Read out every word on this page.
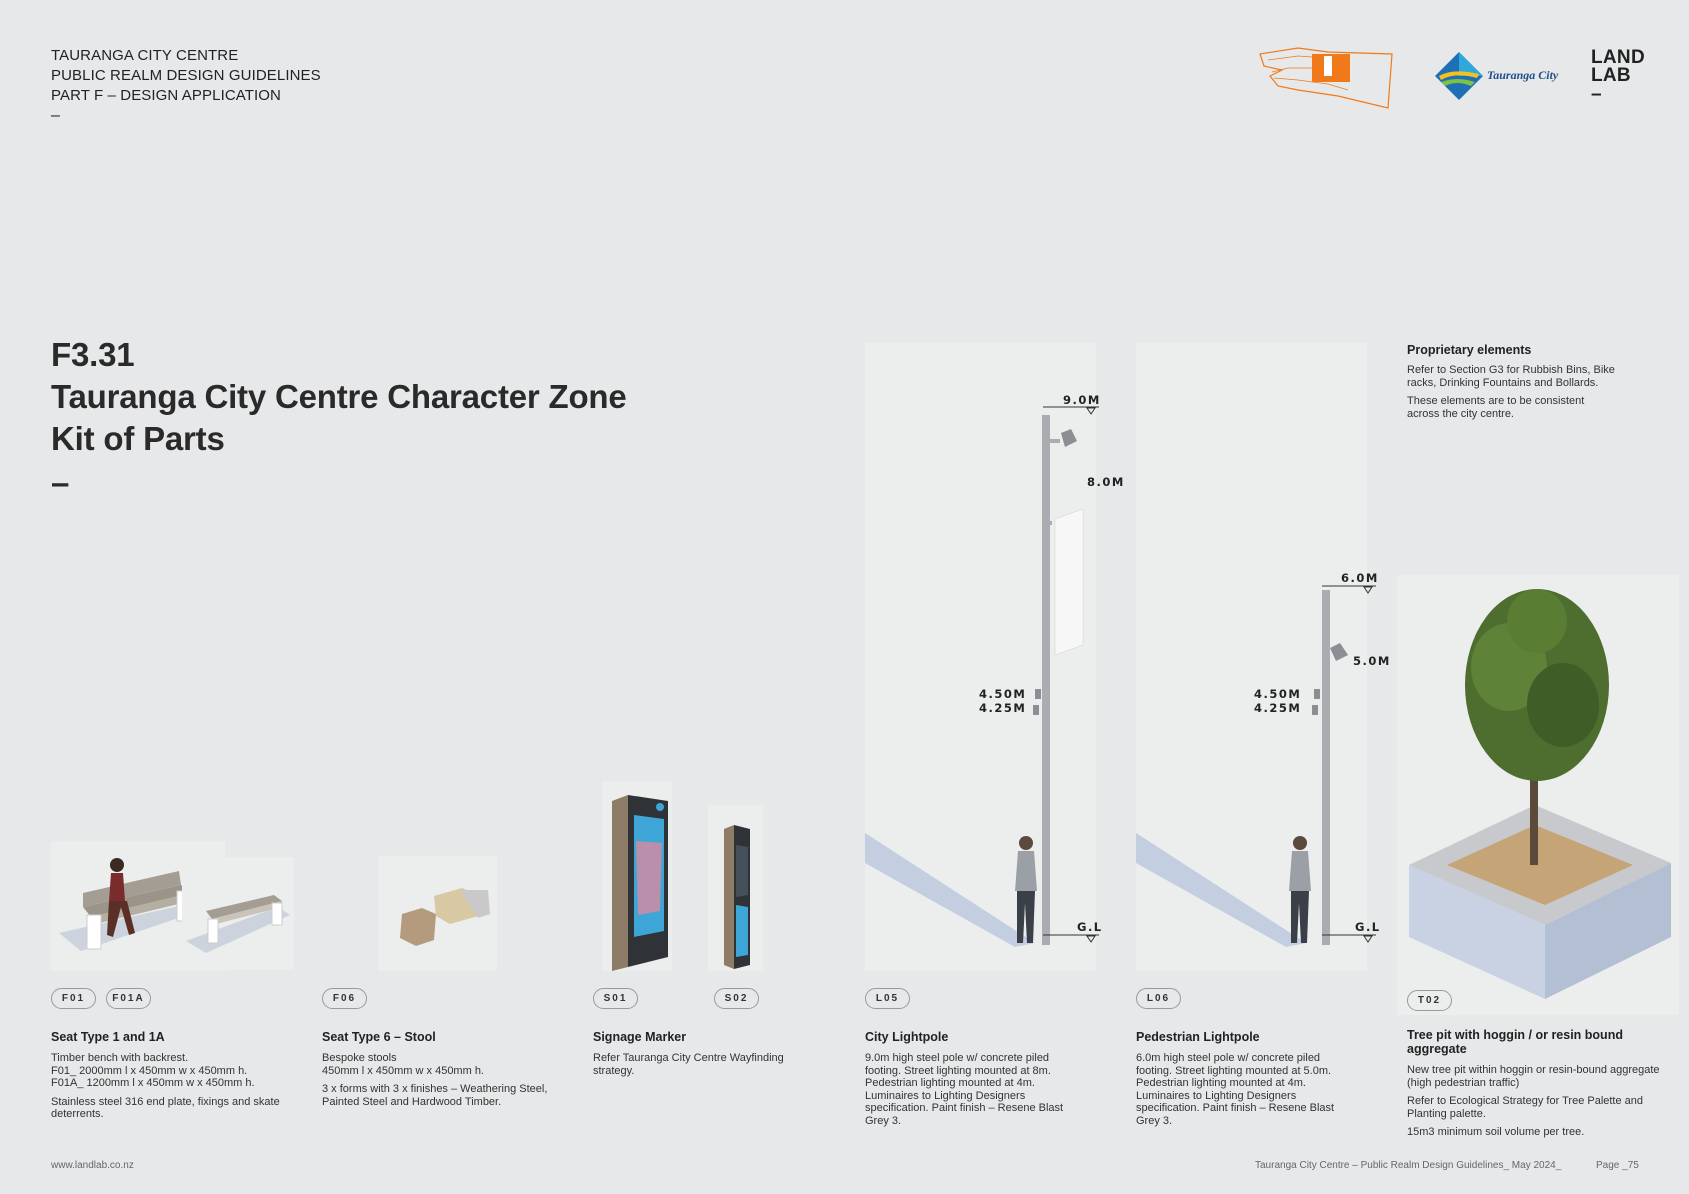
TAURANGA CITY CENTRE
PUBLIC REALM DESIGN GUIDELINES
PART F – DESIGN APPLICATION
–
Tauranga City
LAND
LAB
–
F3.31
Tauranga City Centre Character Zone
Kit of Parts
–
Proprietary elements

Refer to Section G3 for Rubbish Bins, Bike racks, Drinking Fountains and Bollards.

These elements are to be consistent across the city centre.

F01	F01A
Seat Type 1 and 1A

Timber bench with backrest.
F01_ 2000mm l x 450mm w x 450mm h.
F01A_ 1200mm l x 450mm w x 450mm h.

Stainless steel 316 end plate, fixings and skate deterrents.

F06
Seat Type 6 – Stool

Bespoke stools
450mm l x 450mm w x 450mm h.

3 x forms with 3 x finishes – Weathering Steel, Painted Steel and Hardwood Timber.

S01	S02
Signage Marker

Refer Tauranga City Centre Wayfinding strategy.

9.0M
8.0M
4.50M
4.25M
G.L
L05
City Lightpole

9.0m high steel pole w/ concrete piled footing. Street lighting mounted at 8m. Pedestrian lighting mounted at 4m. Luminaires to Lighting Designers specification. Paint finish – Resene Blast Grey 3.

6.0M
5.0M
4.50M
4.25M
G.L
L06
Pedestrian Lightpole

6.0m high steel pole w/ concrete piled footing. Street lighting mounted at 5.0m. Pedestrian lighting mounted at 4m. Luminaires to Lighting Designers specification. Paint finish – Resene Blast Grey 3.

T02
Tree pit with hoggin / or resin bound aggregate

New tree pit within hoggin or resin-bound aggregate (high pedestrian traffic)

Refer to Ecological Strategy for Tree Palette and Planting palette.

15m3 minimum soil volume per tree.

www.landlab.co.nz	Tauranga City Centre – Public Realm Design Guidelines_ May 2024_	Page _75
